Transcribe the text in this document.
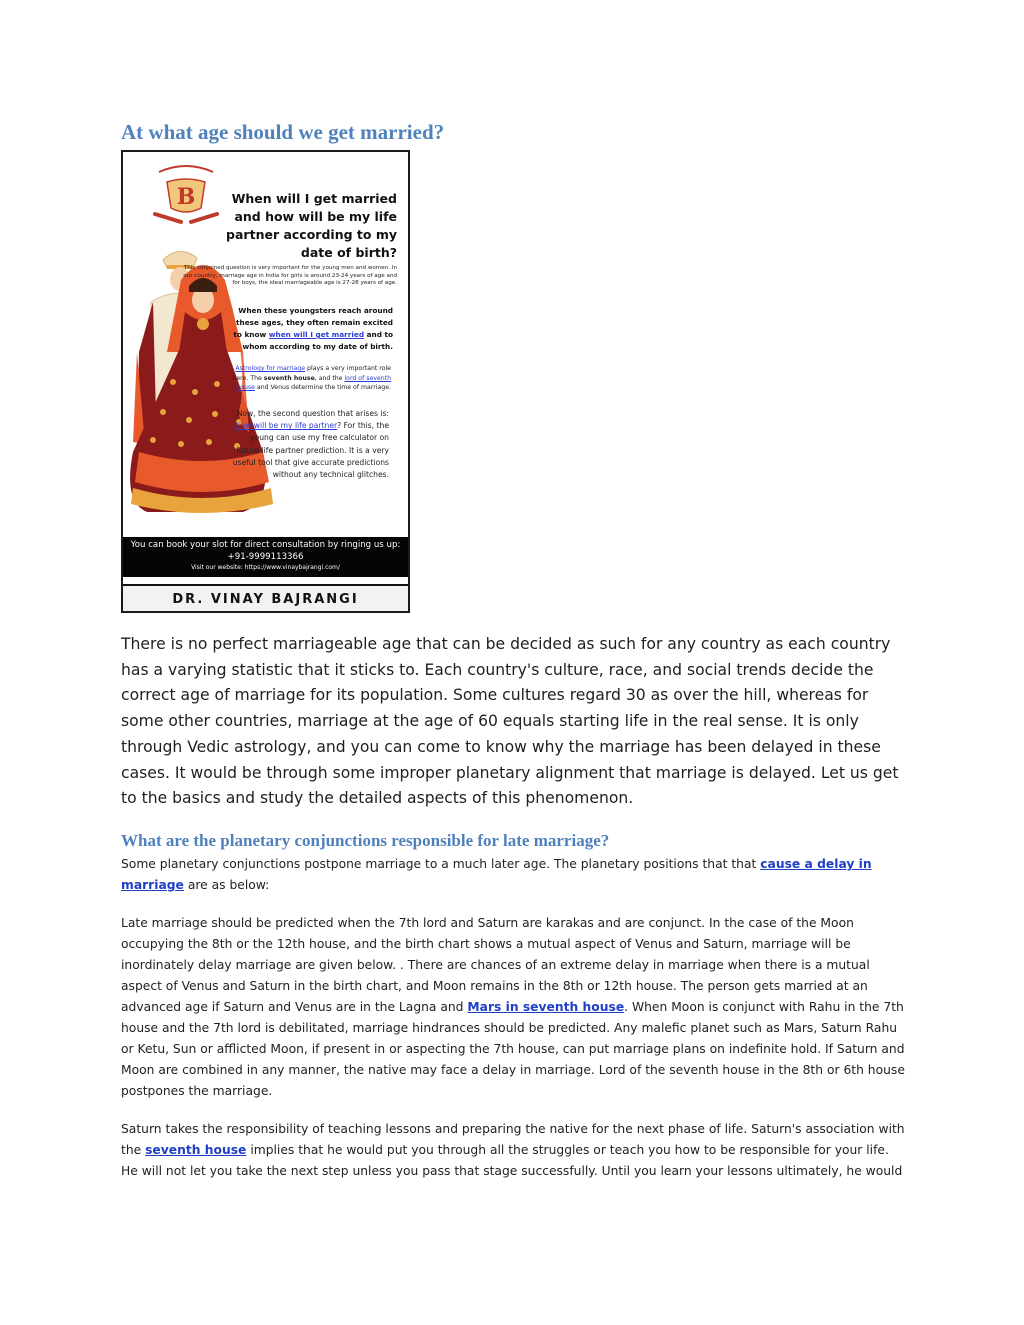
At what age should we get married?
B	When will I get married and how will be my life partner according to my date of birth?
This conjoined question is very important for the young men and women. In our country, marriage age in India for girls is around 23-24 years of age and for boys, the ideal marriageable age is 27-28 years of age.
When these youngsters reach around these ages, they often remain excited to know when will I get married and to whom according to my date of birth.
Astrology for marriage plays a very important role here. The seventh house, and the lord of seventh house and Venus determine the time of marriage.
Now, the second question that arises is: how will be my life partner? For this, the young can use my free calculator on future life partner prediction. It is a very useful tool that give accurate predictions without any technical glitches.
You can book your slot for direct consultation by ringing us up: +91-9999113366
Visit our website: https://www.vinaybajrangi.com/
DR. VINAY BAJRANGI

There is no perfect marriageable age that can be decided as such for any country as each country has a varying statistic that it sticks to. Each country's culture, race, and social trends decide the correct age of marriage for its population. Some cultures regard 30 as over the hill, whereas for some other countries, marriage at the age of 60 equals starting life in the real sense. It is only through Vedic astrology, and you can come to know why the marriage has been delayed in these cases. It would be through some improper planetary alignment that marriage is delayed. Let us get to the basics and study the detailed aspects of this phenomenon.

What are the planetary conjunctions responsible for late marriage?

Some planetary conjunctions postpone marriage to a much later age. The planetary positions that that cause a delay in marriage are as below:

Late marriage should be predicted when the 7th lord and Saturn are karakas and are conjunct. In the case of the Moon occupying the 8th or the 12th house, and the birth chart shows a mutual aspect of Venus and Saturn, marriage will be inordinately delay marriage are given below. . There are chances of an extreme delay in marriage when there is a mutual aspect of Venus and Saturn in the birth chart, and Moon remains in the 8th or 12th house. The person gets married at an advanced age if Saturn and Venus are in the Lagna and Mars in seventh house. When Moon is conjunct with Rahu in the 7th house and the 7th lord is debilitated, marriage hindrances should be predicted. Any malefic planet such as Mars, Saturn Rahu or Ketu, Sun or afflicted Moon, if present in or aspecting the 7th house, can put marriage plans on indefinite hold. If Saturn and Moon are combined in any manner, the native may face a delay in marriage. Lord of the seventh house in the 8th or 6th house postpones the marriage.

Saturn takes the responsibility of teaching lessons and preparing the native for the next phase of life. Saturn's association with the seventh house implies that he would put you through all the struggles or teach you how to be responsible for your life. He will not let you take the next step unless you pass that stage successfully. Until you learn your lessons ultimately, he would
